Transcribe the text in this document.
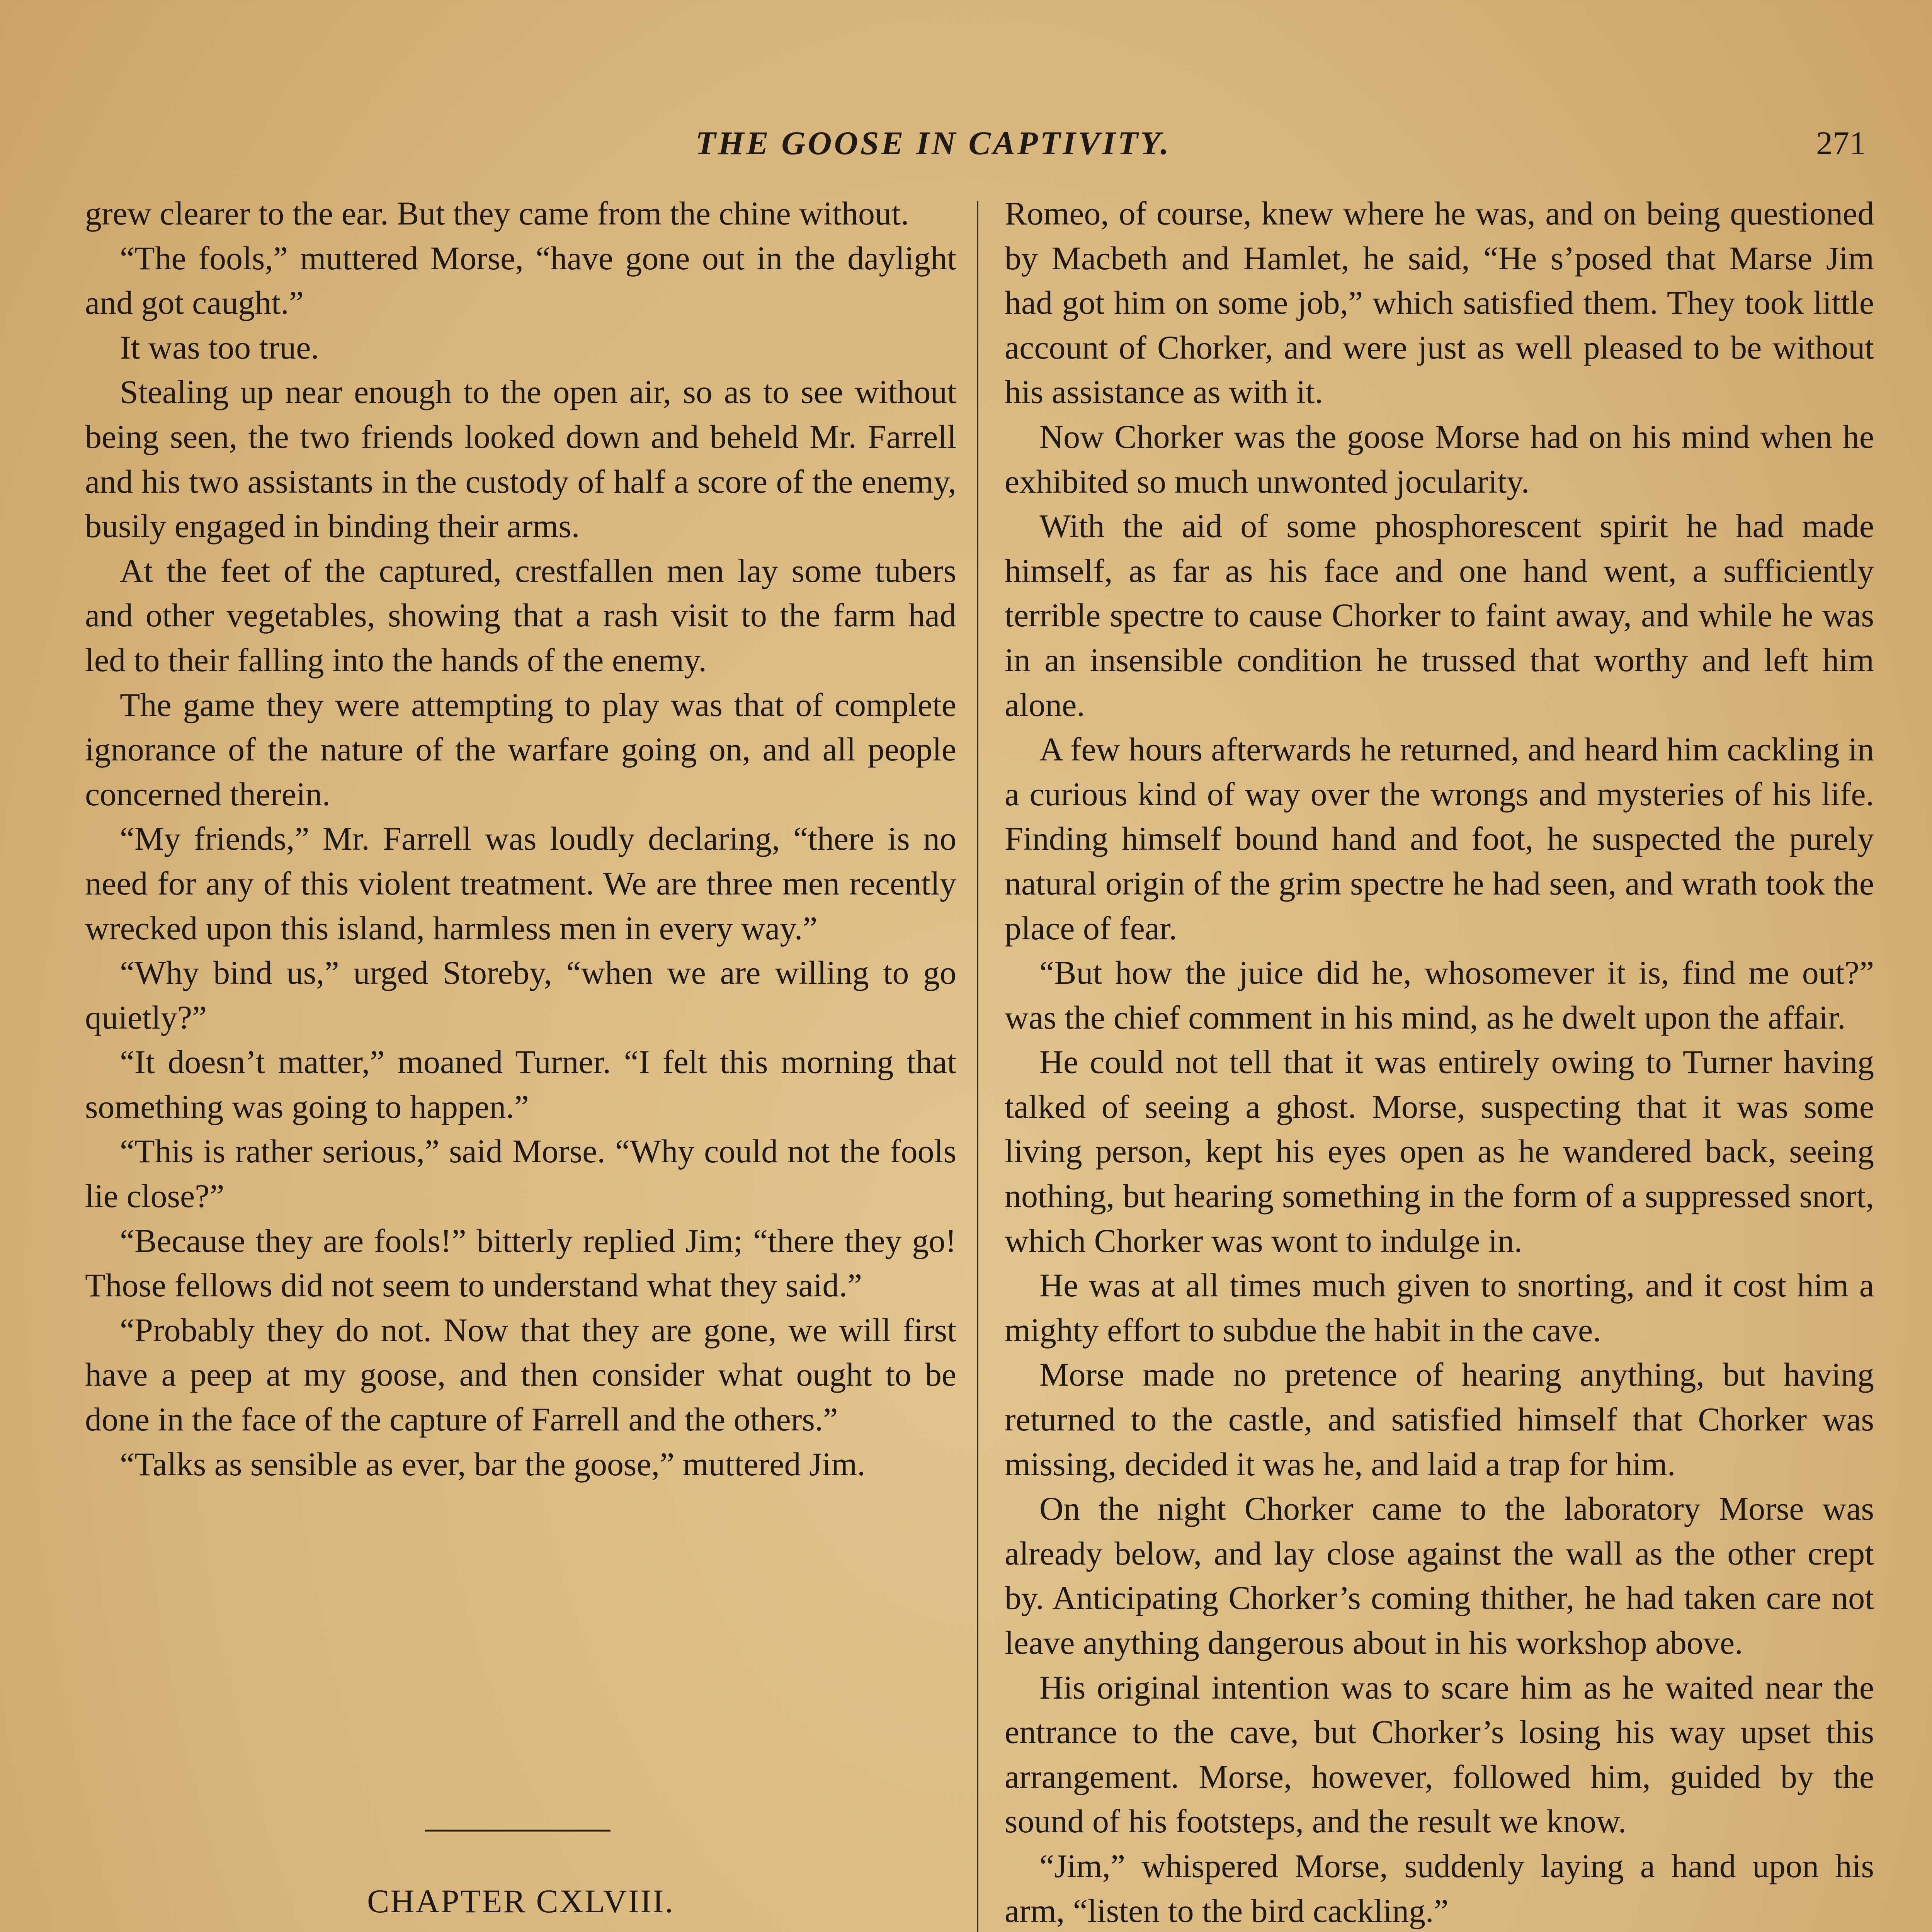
THE GOOSE IN CAPTIVITY.	271

grew clearer to the ear. But they came from the chine without.

“The fools,” muttered Morse, “have gone out in the daylight and got caught.”

It was too true.

Stealing up near enough to the open air, so as to see without being seen, the two friends looked down and beheld Mr. Farrell and his two assistants in the custody of half a score of the enemy, busily engaged in binding their arms.

At the feet of the captured, crestfallen men lay some tubers and other vegetables, showing that a rash visit to the farm had led to their falling into the hands of the enemy.

The game they were attempting to play was that of complete ignorance of the nature of the warfare going on, and all people concerned therein.

“My friends,” Mr. Farrell was loudly declaring, “there is no need for any of this violent treatment. We are three men recently wrecked upon this island, harmless men in every way.”

“Why bind us,” urged Storeby, “when we are willing to go quietly?”

“It doesn’t matter,” moaned Turner. “I felt this morning that something was going to happen.”

“This is rather serious,” said Morse. “Why could not the fools lie close?”

“Because they are fools!” bitterly replied Jim; “there they go! Those fellows did not seem to understand what they said.”

“Probably they do not. Now that they are gone, we will first have a peep at my goose, and then consider what ought to be done in the face of the capture of Farrell and the others.”

“Talks as sensible as ever, bar the goose,” muttered Jim.

CHAPTER CXLVIII.

Romeo, of course, knew where he was, and on being questioned by Macbeth and Hamlet, he said, “He s’posed that Marse Jim had got him on some job,” which satisfied them. They took little account of Chorker, and were just as well pleased to be without his assistance as with it.

Now Chorker was the goose Morse had on his mind when he exhibited so much unwonted jocularity.

With the aid of some phosphorescent spirit he had made himself, as far as his face and one hand went, a sufficiently terrible spectre to cause Chorker to faint away, and while he was in an insensible condition he trussed that worthy and left him alone.

A few hours afterwards he returned, and heard him cackling in a curious kind of way over the wrongs and mysteries of his life. Finding himself bound hand and foot, he suspected the purely natural origin of the grim spectre he had seen, and wrath took the place of fear.

“But how the juice did he, whosomever it is, find me out?” was the chief comment in his mind, as he dwelt upon the affair.

He could not tell that it was entirely owing to Turner having talked of seeing a ghost. Morse, suspecting that it was some living person, kept his eyes open as he wandered back, seeing nothing, but hearing something in the form of a suppressed snort, which Chorker was wont to indulge in.

He was at all times much given to snorting, and it cost him a mighty effort to subdue the habit in the cave.

Morse made no pretence of hearing anything, but having returned to the castle, and satisfied himself that Chorker was missing, decided it was he, and laid a trap for him.

On the night Chorker came to the laboratory Morse was already below, and lay close against the wall as the other crept by. Anticipating Chorker’s coming thither, he had taken care not leave anything dangerous about in his workshop above.

His original intention was to scare him as he waited near the entrance to the cave, but Chorker’s losing his way upset this arrangement. Morse, however, followed him, guided by the sound of his footsteps, and the result we know.

“Jim,” whispered Morse, suddenly laying a hand upon his arm, “listen to the bird cackling.”
